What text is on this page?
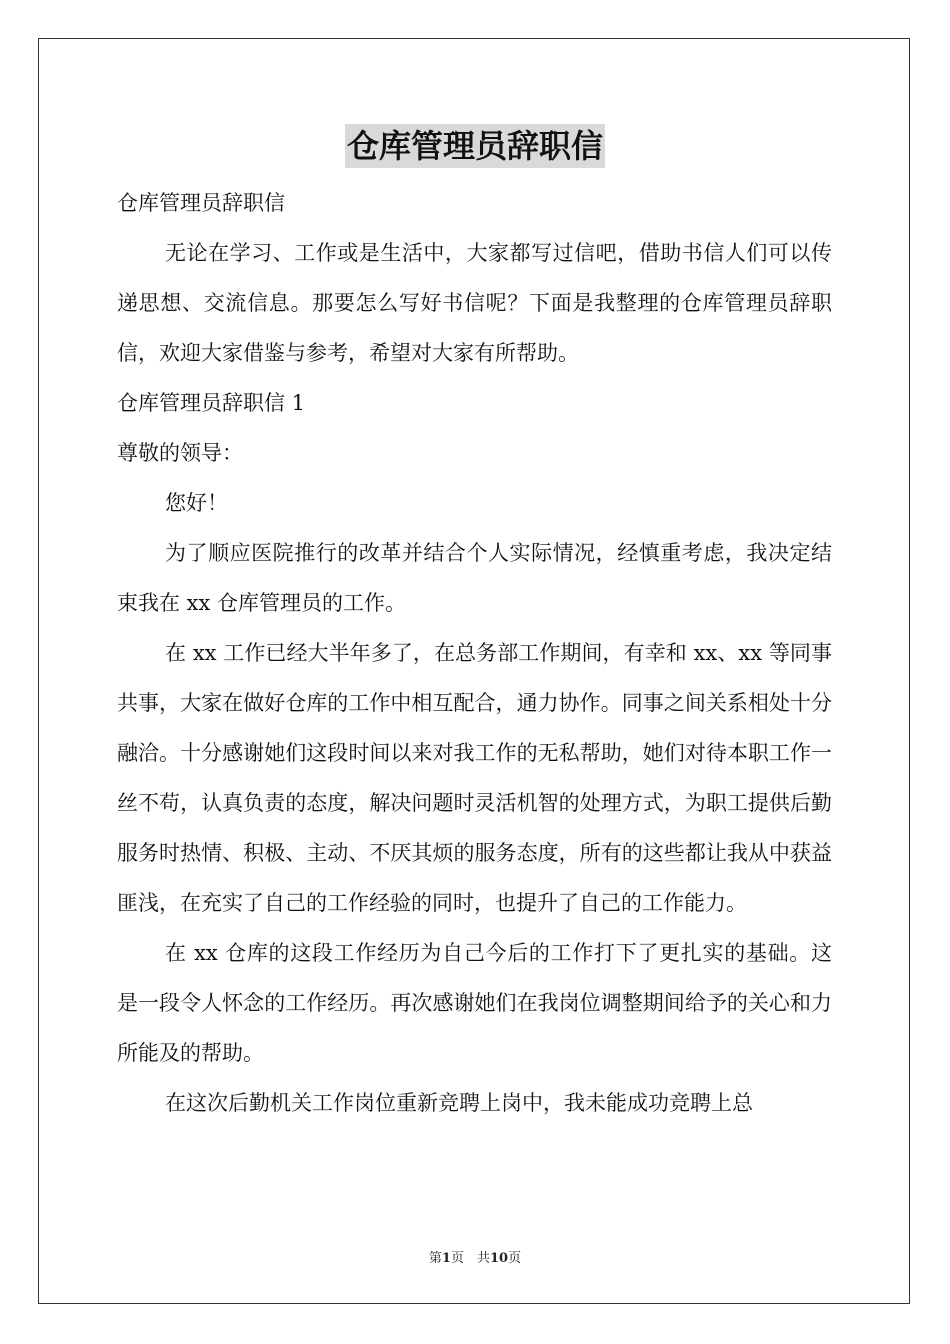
仓库管理员辞职信

仓库管理员辞职信

无论在学习、工作或是生活中，大家都写过信吧，借助书信人们可以传递思想、交流信息。那要怎么写好书信呢？下面是我整理的仓库管理员辞职信，欢迎大家借鉴与参考，希望对大家有所帮助。

仓库管理员辞职信 1

尊敬的领导：

您好！

为了顺应医院推行的改革并结合个人实际情况，经慎重考虑，我决定结束我在 xx 仓库管理员的工作。

在 xx 工作已经大半年多了，在总务部工作期间，有幸和 xx、xx 等同事共事，大家在做好仓库的工作中相互配合，通力协作。同事之间关系相处十分融洽。十分感谢她们这段时间以来对我工作的无私帮助，她们对待本职工作一丝不苟，认真负责的态度，解决问题时灵活机智的处理方式，为职工提供后勤服务时热情、积极、主动、不厌其烦的服务态度，所有的这些都让我从中获益匪浅，在充实了自己的工作经验的同时，也提升了自己的工作能力。

在 xx 仓库的这段工作经历为自己今后的工作打下了更扎实的基础。这是一段令人怀念的工作经历。再次感谢她们在我岗位调整期间给予的关心和力所能及的帮助。

在这次后勤机关工作岗位重新竞聘上岗中，我未能成功竞聘上总

第1页　共10页
